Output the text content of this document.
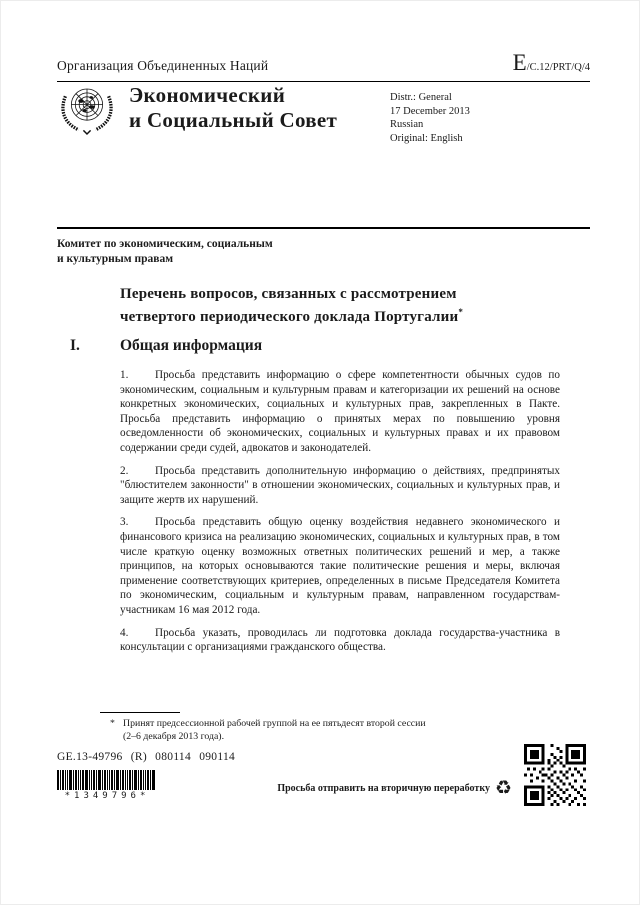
Организация Объединенных Наций	E/C.12/PRT/Q/4
Экономический
и Социальный Совет
Distr.: General
17 December 2013
Russian
Original: English
Комитет по экономическим, социальным
и культурным правам
Перечень вопросов, связанных с рассмотрением
четвертого периодического доклада Португалии*
I.	Общая информация

1. Просьба представить информацию о сфере компетентности обычных судов по экономическим, социальным и культурным правам и категоризации их решений на основе конкретных экономических, социальных и культурных прав, закрепленных в Пакте. Просьба представить информацию о принятых мерах по повышению уровня осведомленности об экономических, социальных и культурных правах и их правовом содержании среди судей, адвокатов и законодателей.

2. Просьба представить дополнительную информацию о действиях, предпринятых "блюстителем законности" в отношении экономических, социальных и культурных прав, и защите жертв их нарушений.

3. Просьба представить общую оценку воздействия недавнего экономического и финансового кризиса на реализацию экономических, социальных и культурных прав, в том числе краткую оценку возможных ответных политических решений и мер, а также принципов, на которых основываются такие политические решения и меры, включая применение соответствующих критериев, определенных в письме Председателя Комитета по экономическим, социальным и культурным правам, направленном государствам-участникам 16 мая 2012 года.

4. Просьба указать, проводилась ли подготовка доклада государства-участника в консультации с организациями гражданского общества.

* Принят предсессионной рабочей группой на ее пятьдесят второй сессии (2–6 декабря 2013 года).

GE.13-49796 (R) 080114 090114
*1349796*
Просьба отправить на вторичную переработку ♻
